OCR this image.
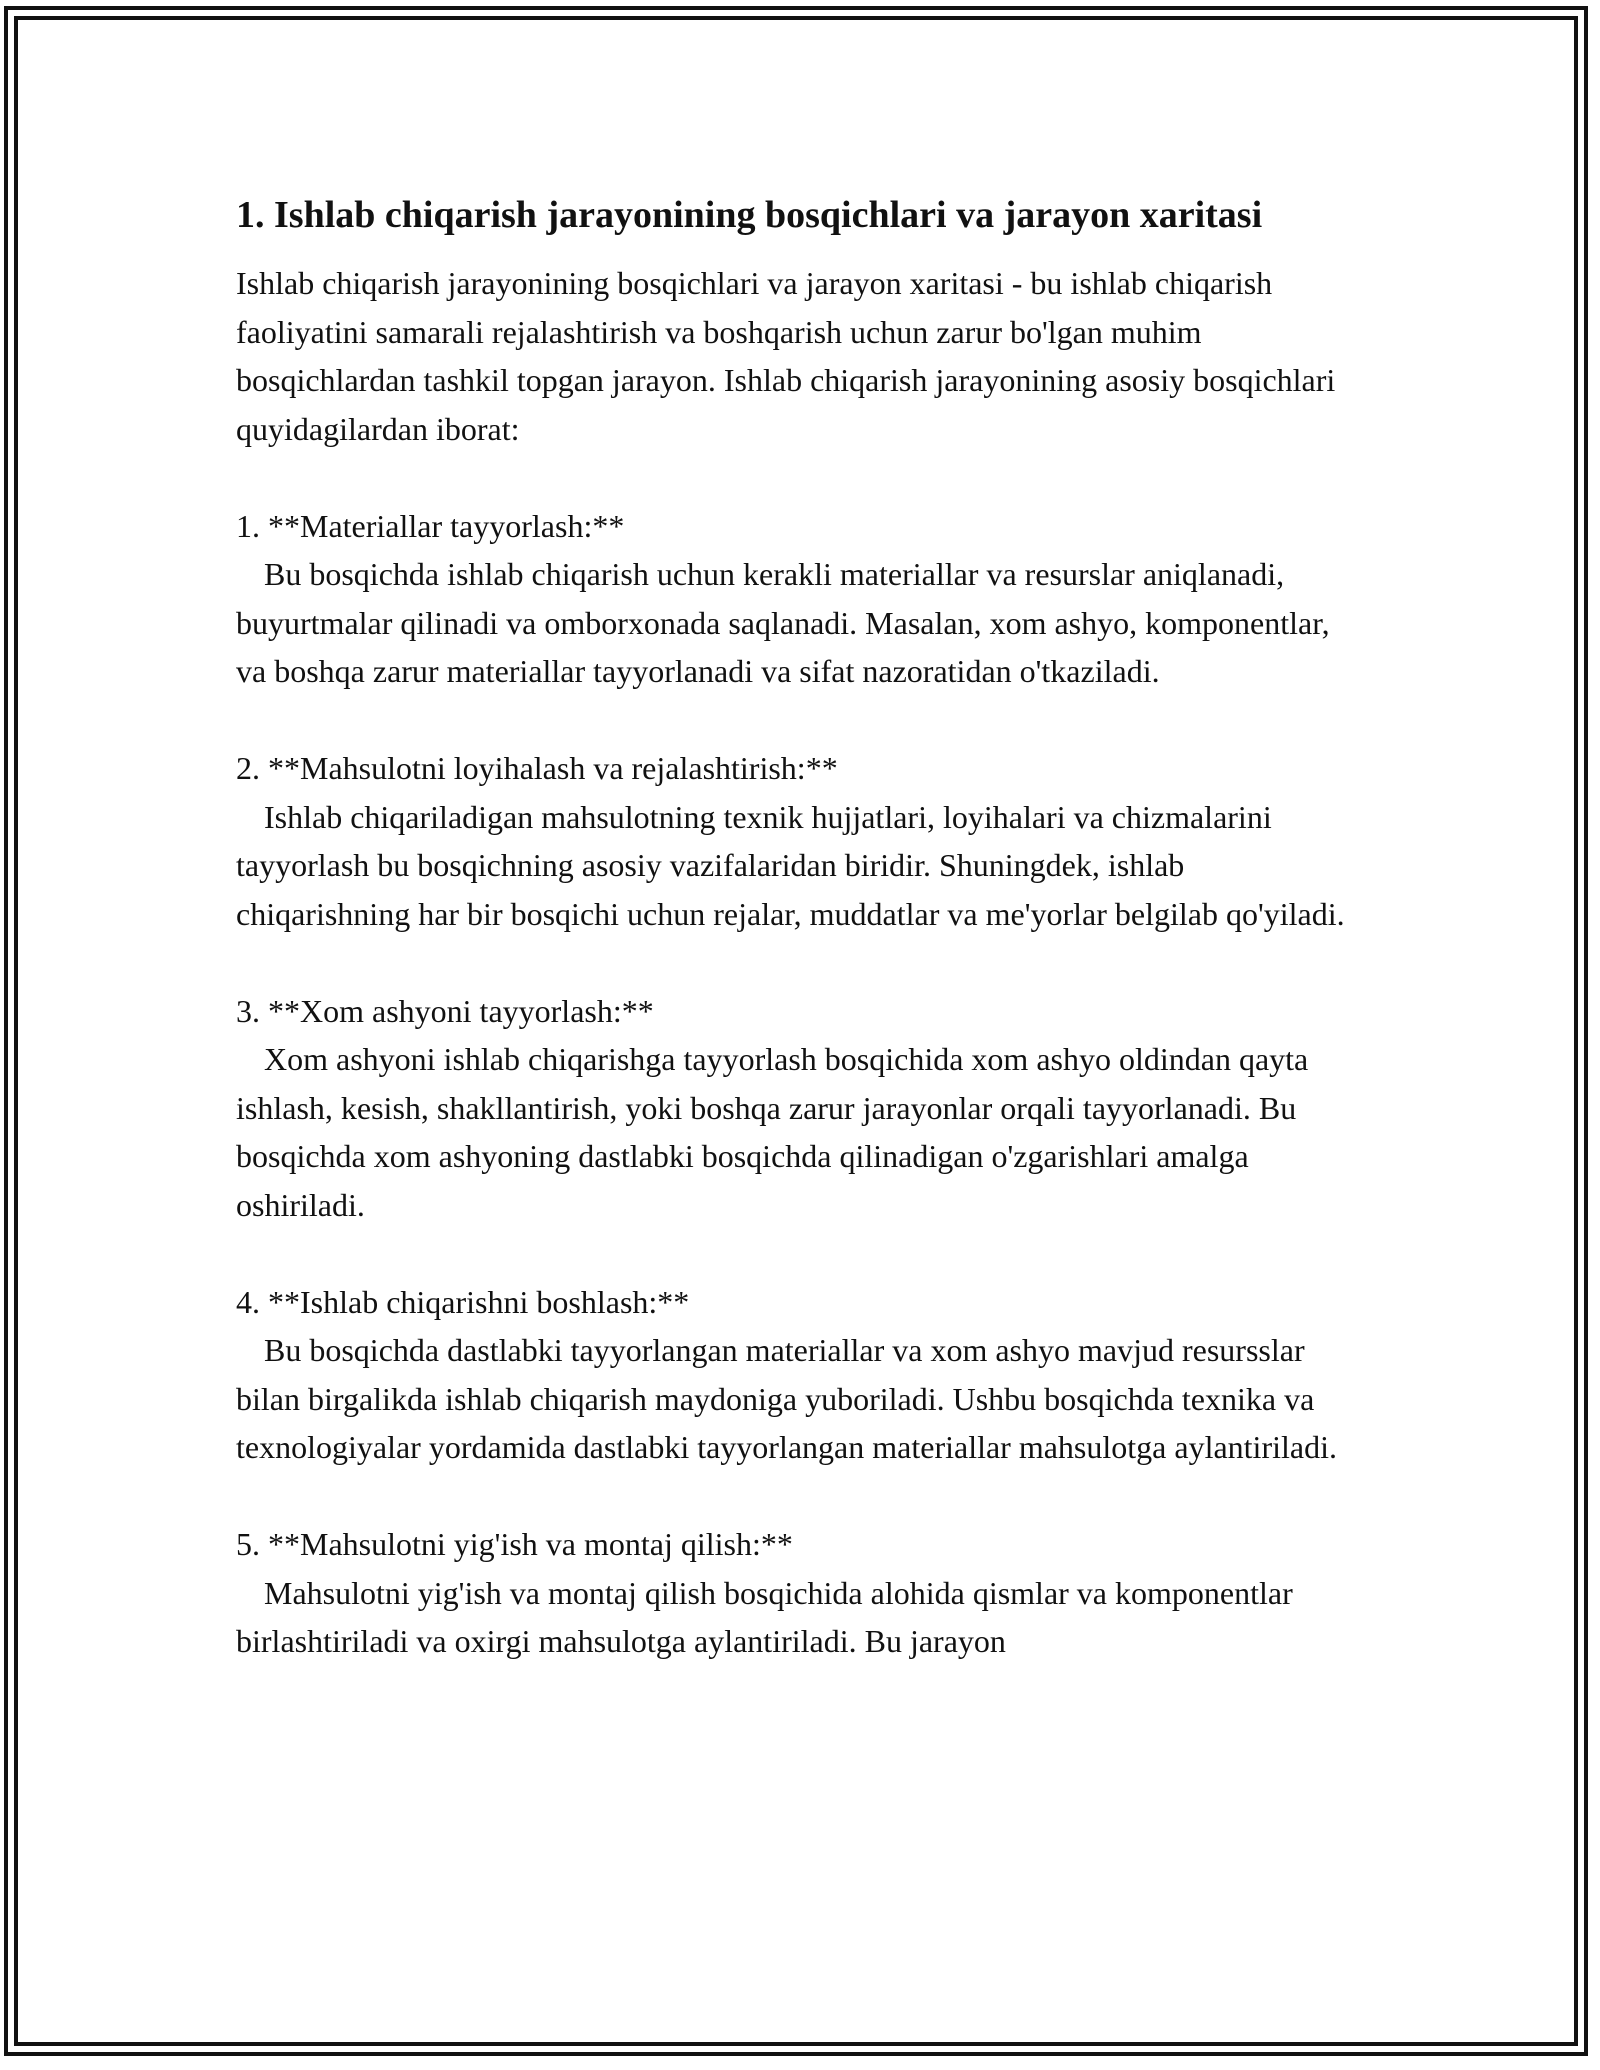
1. Ishlab chiqarish jarayonining bosqichlari va jarayon xaritasi

Ishlab chiqarish jarayonining bosqichlari va jarayon xaritasi - bu ishlab chiqarish faoliyatini samarali rejalashtirish va boshqarish uchun zarur bo'lgan muhim bosqichlardan tashkil topgan jarayon. Ishlab chiqarish jarayonining asosiy bosqichlari quyidagilardan iborat:

1. **Materiallar tayyorlash:**

Bu bosqichda ishlab chiqarish uchun kerakli materiallar va resurslar aniqlanadi, buyurtmalar qilinadi va omborxonada saqlanadi. Masalan, xom ashyo, komponentlar, va boshqa zarur materiallar tayyorlanadi va sifat nazoratidan o'tkaziladi.

2. **Mahsulotni loyihalash va rejalashtirish:**

Ishlab chiqariladigan mahsulotning texnik hujjatlari, loyihalari va chizmalarini tayyorlash bu bosqichning asosiy vazifalaridan biridir. Shuningdek, ishlab chiqarishning har bir bosqichi uchun rejalar, muddatlar va me'yorlar belgilab qo'yiladi.

3. **Xom ashyoni tayyorlash:**

Xom ashyoni ishlab chiqarishga tayyorlash bosqichida xom ashyo oldindan qayta ishlash, kesish, shakllantirish, yoki boshqa zarur jarayonlar orqali tayyorlanadi. Bu bosqichda xom ashyoning dastlabki bosqichda qilinadigan o'zgarishlari amalga oshiriladi.

4. **Ishlab chiqarishni boshlash:**

Bu bosqichda dastlabki tayyorlangan materiallar va xom ashyo mavjud resursslar bilan birgalikda ishlab chiqarish maydoniga yuboriladi. Ushbu bosqichda texnika va texnologiyalar yordamida dastlabki tayyorlangan materiallar mahsulotga aylantiriladi.

5. **Mahsulotni yig'ish va montaj qilish:**

Mahsulotni yig'ish va montaj qilish bosqichida alohida qismlar va komponentlar birlashtiriladi va oxirgi mahsulotga aylantiriladi. Bu jarayon
